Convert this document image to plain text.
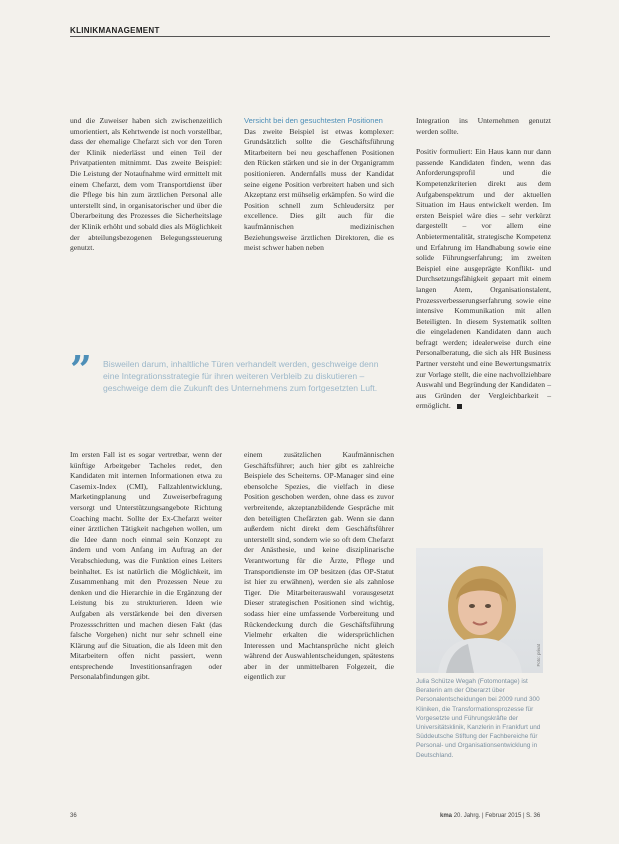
KLINIKMANAGEMENT

und die Zuweiser haben sich zwischenzeitlich umorientiert, als Kehrtwende ist noch vorstellbar, dass der ehemalige Chefarzt sich vor den Toren der Klinik niederlässt und einen Teil der Privatpatienten mitnimmt. Das zweite Beispiel: Die Leistung der Notaufnahme wird ermittelt mit einem Chefarzt, dem vom Transportdienst über die Pflege bis hin zum ärztlichen Personal alle unterstellt sind, in organisatorischer und über die Überarbeitung des Prozesses die Sicherheitslage der Klinik erhöht und sobald dies als Möglichkeit der abteilungsbezogenen Belegungssteuerung genutzt.

Versicht bei den gesuchtesten Positionen

Das zweite Beispiel ist etwas komplexer: Grundsätzlich sollte die Geschäftsführung Mitarbeitern bei neu geschaffenen Positionen den Rücken stärken und sie in der Organigramm positionieren. Andernfalls muss der Kandidat seine eigene Position verbreitert haben und sich Akzeptanz erst mühselig erkämpfen. So wird die Position schnell zum Schleudersitz per excellence. Dies gilt auch für die kaufmännischen medizinischen Beziehungsweise ärztlichen Direktoren, die es meist schwer haben neben

Integration ins Unternehmen genutzt werden sollte.

Positiv formuliert: Ein Haus kann nur dann passende Kandidaten finden, wenn das Anforderungsprofil und die Kompetenzkriterien direkt aus dem Aufgabenspektrum und der aktuellen Situation im Haus entwickelt werden. Im ersten Beispiel wäre dies – sehr verkürzt dargestellt – vor allem eine Anbietermentalität, strategische Kompetenz und Erfahrung im Handhabung sowie eine solide Führungserfahrung; im zweiten Beispiel eine ausgeprägte Konflikt- und Durchsetzungsfähigkeit gepaart mit einem langen Atem, Organisationstalent, Prozessverbesserungserfahrung sowie eine intensive Kommunikation mit allen Beteiligten. In diesem Systematik sollten die eingeladenen Kandidaten dann auch befragt werden; idealerweise durch eine Personalberatung, die sich als HR Business Partner versteht und eine Bewertungsmatrix zur Vorlage stellt, die eine nachvollziehbare Auswahl und Begründung der Kandidaten – aus Gründen der Vergleichbarkeit – ermöglicht.

” Bisweilen darum, inhaltliche Türen verhandelt werden, geschweige denn eine Integrationsstrategie für ihren weiteren Verbleib zu diskutieren – geschweige dem die Zukunft des Unternehmens zum fortgesetzten Luft.

Im ersten Fall ist es sogar vertretbar, wenn der künftige Arbeitgeber Tacheles redet, den Kandidaten mit internen Informationen etwa zu Casemix-Index (CMI), Fallzahlentwicklung, Marketingplanung und Zuweiserbefragung versorgt und Unterstützungsangebote Richtung Coaching macht. Sollte der Ex-Chefarzt weiter einer ärztlichen Tätigkeit nachgehen wollen, um die Idee dann noch einmal sein Konzept zu ändern und vom Anfang im Auftrag an der Verabschiedung, was die Funktion eines Leiters beinhaltet. Es ist natürlich die Möglichkeit, im Zusammenhang mit den Prozessen Neue zu denken und die Hierarchie in die Ergänzung der Leistung bis zu strukturieren. Ideen wie Aufgaben als verstärkende bei den diversen Prozessschritten und machen diesen Fakt (das falsche Vorgehen) nicht nur sehr schnell eine Klärung auf die Situation, die als Ideen mit den Mitarbeitern offen nicht passiert, wenn entsprechende Investitionsanfragen oder Personalabfindungen gibt.

einem zusätzlichen Kaufmännischen Geschäftsführer; auch hier gibt es zahlreiche Beispiele des Scheiterns. OP-Manager sind eine ebensolche Spezies, die vielfach in diese Position geschoben werden, ohne dass es zuvor verbreitende, akzeptanzbildende Gespräche mit den beteiligten Chefärzten gab. Wenn sie dann außerdem nicht direkt dem Geschäftsführer unterstellt sind, sondern wie so oft dem Chefarzt der Anästhesie, und keine disziplinarische Verantwortung für die Ärzte, Pflege und Transportdienste im OP besitzen (das OP-Statut ist hier zu erwähnen), werden sie als zahnlose Tiger. Die Mitarbeiterauswahl vorausgesetzt Dieser strategischen Positionen sind wichtig, sodass hier eine umfassende Vorbereitung und Rückendeckung durch die Geschäftsführung Vielmehr erkalten die widersprüchlichen Interessen und Machtansprüche nicht gleich während der Auswahlentscheidungen, spätestens aber in der unmittelbaren Folgezeit, die eigentlich zur

Foto: privat
Julia Schütze Wegah (Fotomontage) ist Beraterin am der Oberarzt über Personalentscheidungen bei 2009 rund 300 Kliniken, die Transformationsprozesse für Vorgesetzte und Führungskräfte der Universitätsklinik, Kanzlerin in Frankfurt und Süddeutsche Stiftung der Fachbereiche für Personal- und Organisationsentwicklung in Deutschland.
36	kma 20. Jahrg. | Februar 2015 | S. 36
